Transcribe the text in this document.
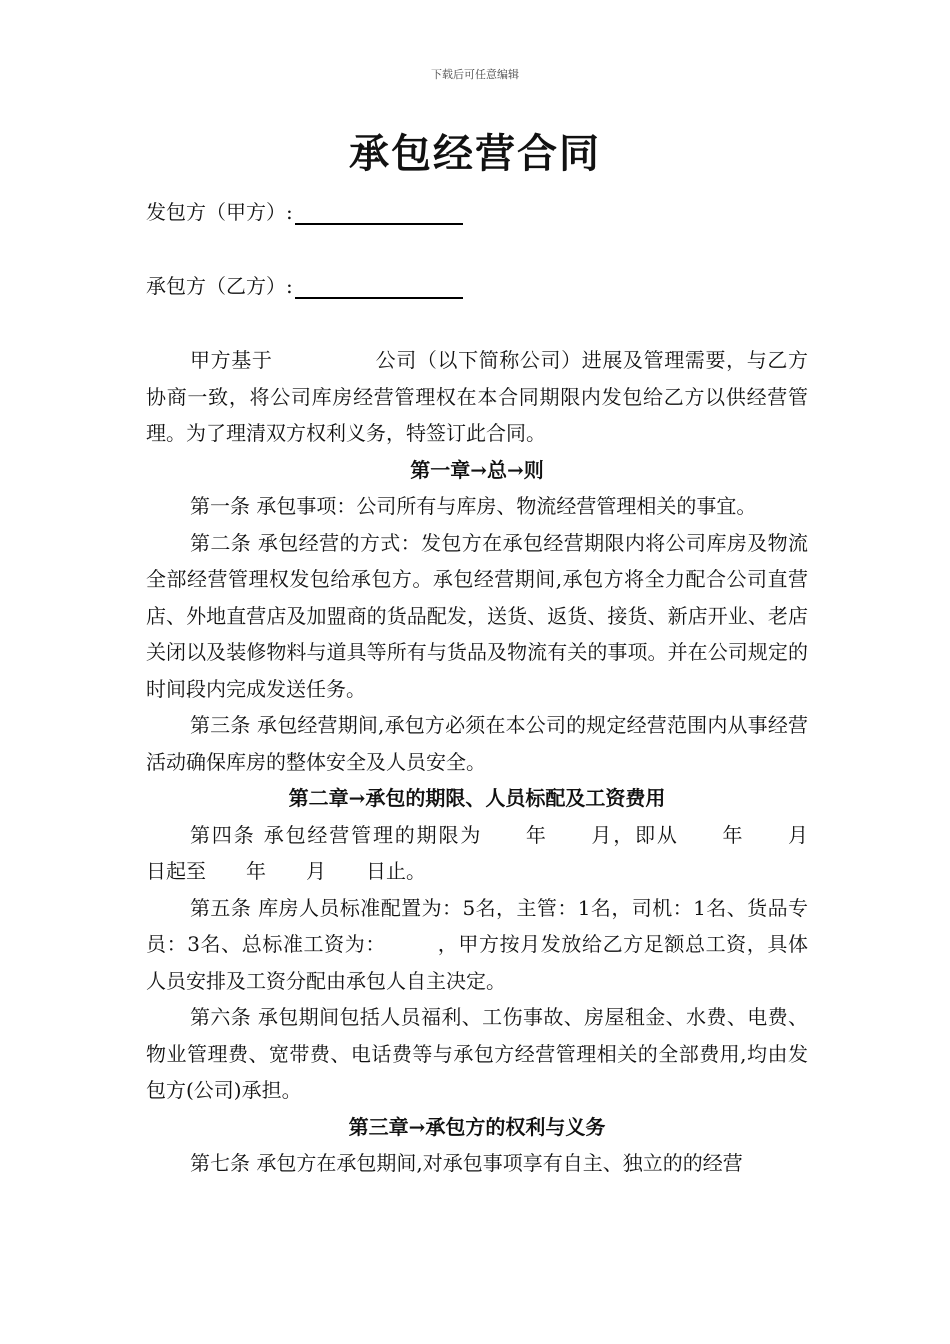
下载后可任意编辑
承包经营合同
发包方（甲方）:
承包方（乙方）:

甲方基于　　　　　公司（以下简称公司）进展及管理需要，与乙方协商一致，将公司库房经营管理权在本合同期限内发包给乙方以供经营管理。为了理清双方权利义务，特签订此合同。

第一章→总→则

第一条 承包事项：公司所有与库房、物流经营管理相关的事宜。

第二条 承包经营的方式：发包方在承包经营期限内将公司库房及物流全部经营管理权发包给承包方。承包经营期间,承包方将全力配合公司直营店、外地直营店及加盟商的货品配发，送货、返货、接货、新店开业、老店关闭以及装修物料与道具等所有与货品及物流有关的事项。并在公司规定的时间段内完成发送任务。

第三条 承包经营期间,承包方必须在本公司的规定经营范围内从事经营活动确保库房的整体安全及人员安全。

第二章→承包的期限、人员标配及工资费用

第四条 承包经营管理的期限为　　年　　月，即从　　年　　月　　日起至　　年　　月　　日止。

第五条 库房人员标准配置为：5名，主管：1名，司机：1名、货品专员：3名、总标准工资为：　　　，甲方按月发放给乙方足额总工资，具体人员安排及工资分配由承包人自主决定。

第六条 承包期间包括人员福利、工伤事故、房屋租金、水费、电费、物业管理费、宽带费、电话费等与承包方经营管理相关的全部费用,均由发包方(公司)承担。

第三章→承包方的权利与义务

第七条 承包方在承包期间,对承包事项享有自主、独立的的经营
